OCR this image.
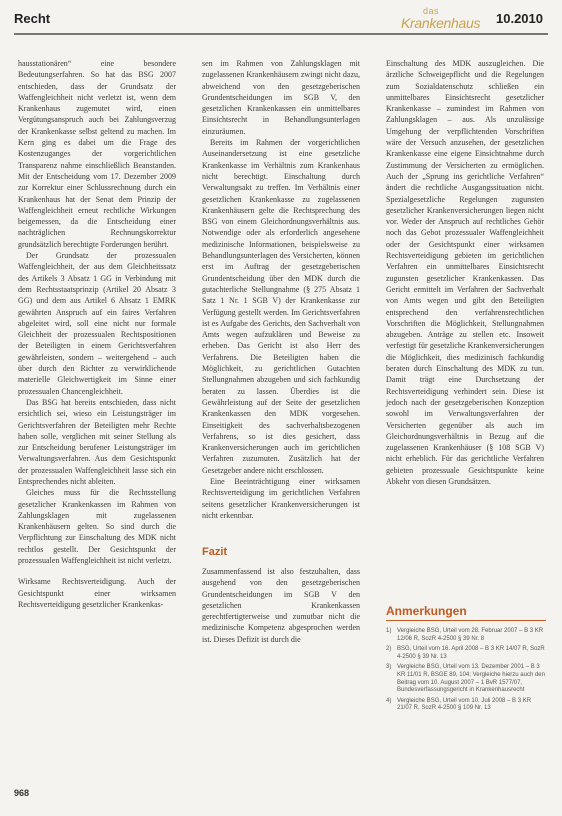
Recht	das
Krankenhaus 10.2010

hausstationären“ eine besondere Bedeutungserfahren. So hat das BSG 2007 entschieden, dass der Grundsatz der Waffengleichheit nicht verletzt ist, wenn dem Krankenhaus zugemutet wird, einen Vergütungsanspruch auch bei Zahlungsverzug der Krankenkasse selbst geltend zu machen. Im Kern ging es dabei um die Frage des Kostenzuganges der vorgerichtlichen Transparenz nahme einschließlich Beanstanden. Mit der Entscheidung vom 17. Dezember 2009 zur Korrektur einer Schlussrechnung durch ein Krankenhaus hat der Senat dem Prinzip der Waffengleichheit erneut rechtliche Wirkungen beigemessen, da die Entscheidung einer nachträglichen Rechnungskorrektur grundsätzlich berechtigte Forderungen berührt.

Der Grundsatz der prozessualen Waffengleichheit, der aus dem Gleichheitssatz des Artikels 3 Absatz 1 GG in Verbindung mit dem Rechtsstaatsprinzip (Artikel 20 Absatz 3 GG) und dem aus Artikel 6 Absatz 1 EMRK gewährten Anspruch auf ein faires Verfahren abgeleitet wird, soll eine nicht nur formale Gleichheit der prozessualen Rechtspositionen der Beteiligten in einem Gerichtsverfahren gewährleisten, sondern – weitergehend – auch über durch den Richter zu verwirklichende materielle Gleichwertigkeit im Sinne einer prozessualen Chancengleichheit.

Das BSG hat bereits entschieden, dass nicht ersichtlich sei, wieso ein Leistungsträger im Gerichtsverfahren der Beteiligten mehr Rechte haben solle, verglichen mit seiner Stellung als zur Entscheidung berufener Leistungsträger im Verwaltungsverfahren. Aus dem Gesichtspunkt der prozessualen Waffengleichheit lasse sich ein Entsprechendes nicht ableiten.

Gleiches muss für die Rechtsstellung gesetzlicher Krankenkassen im Rahmen von Zahlungsklagen mit zugelassenen Krankenhäusern gelten. So sind durch die Verpflichtung zur Einschaltung des MDK nicht rechtlos gestellt. Der Gesichtspunkt der prozessualen Waffengleichheit ist nicht verletzt.

Wirksame Rechtsverteidigung. Auch der Gesichtspunkt einer wirksamen Rechtsverteidigung gesetzlicher Krankenkas-

sen im Rahmen von Zahlungsklagen mit zugelassenen Krankenhäusern zwingt nicht dazu, abweichend von den gesetzgeberischen Grundentscheidungen im SGB V, den gesetzlichen Krankenkassen ein unmittelbares Einsichtsrecht in Behandlungsunterlagen einzuräumen.

Bereits im Rahmen der vorgerichtlichen Auseinandersetzung ist eine gesetzliche Krankenkasse im Verhältnis zum Krankenhaus nicht berechtigt. Einschaltung durch Verwaltungsakt zu treffen. Im Verhältnis einer gesetzlichen Krankenkasse zu zugelassenen Krankenhäusern gelte die Rechtsprechung des BSG von einem Gleichordnungsverhältnis aus. Notwendige oder als erforderlich angesehene medizinische Informationen, beispielsweise zu Behandlungsunterlagen des Versicherten, können erst im Auftrag der gesetzgeberischen Grundentscheidung über den MDK durch die gutachterliche Stellungnahme (§ 275 Absatz 1 Satz 1 Nr. 1 SGB V) der Krankenkasse zur Verfügung gestellt werden. Im Gerichtsverfahren ist es Aufgabe des Gerichts, den Sachverhalt von Amts wegen aufzuklären und Beweise zu erheben. Das Gericht ist also Herr des Verfahrens. Die Beteiligten haben die Möglichkeit, zu gerichtlichen Gutachten Stellungnahmen abzugeben und sich fachkundig beraten zu lassen. Überdies ist die Gewährleistung auf der Seite der gesetzlichen Krankenkassen den MDK vorgesehen. Einseitigkeit des sachverhaltsbezogenen Verfahrens, so ist dies gesichert, dass Krankenversicherungen auch im gerichtlichen Verfahren zuzumuten. Zusätzlich hat der Gesetzgeber andere nicht erschlossen.

Eine Beeinträchtigung einer wirksamen Rechtsverteidigung im gerichtlichen Verfahren seitens gesetzlicher Krankenversicherungen ist nicht erkennbar.

Fazit

Zusammenfassend ist also festzuhalten, dass ausgehend von den gesetzgeberischen Grundentscheidungen im SGB V den gesetzlichen Krankenkassen gerechtfertigterweise und zumutbar nicht die medizinische Kompetenz abgesprochen werden ist. Dieses Defizit ist durch die

Einschaltung des MDK auszugleichen. Die ärztliche Schweigepflicht und die Regelungen zum Sozialdatenschutz schließen ein unmittelbares Einsichtsrecht gesetzlicher Krankenkasse – zumindest im Rahmen von Zahlungsklagen – aus. Als unzulässige Umgehung der verpflichtenden Vorschriften wäre der Versuch anzusehen, der gesetzlichen Krankenkasse eine eigene Einsichtnahme durch Zustimmung der Versicherten zu ermöglichen. Auch der „Sprung ins gerichtliche Verfahren“ ändert die rechtliche Ausgangssituation nicht. Spezialgesetzliche Regelungen zugunsten gesetzlicher Krankenversicherungen liegen nicht vor. Weder der Anspruch auf rechtliches Gehör noch das Gebot prozessualer Waffengleichheit oder der Gesichtspunkt einer wirksamen Rechtsverteidigung gebieten im gerichtlichen Verfahren ein unmittelbares Einsichtsrecht zugunsten gesetzlicher Krankenkassen. Das Gericht ermittelt im Verfahren der Sachverhalt von Amts wegen und gibt den Beteiligten entsprechend den verfahrensrechtlichen Vorschriften die Möglichkeit, Stellungnahmen abzugeben. Anträge zu stellen etc. Insoweit verfestigt für gesetzliche Krankenversicherungen die Möglichkeit, dies medizinisch fachkundig beraten durch Einschaltung des MDK zu tun. Damit trägt eine Durchsetzung der Rechtsverteidigung verhindert sein. Diese ist jedoch nach der gesetzgeberischen Konzeption sowohl im Verwaltungsverfahren der Versicherten gegenüber als auch im Gleichordnungsverhältnis in Bezug auf die zugelassenen Krankenhäuser (§ 108 SGB V) nicht erheblich. Für das gerichtliche Verfahren gebieten prozessuale Gesichtspunkte keine Abkehr von diesen Grundsätzen.

Anmerkungen
1) Vergleiche BSG, Urteil vom 28. Februar 2007 – B 3 KR 12/06 R, SozR 4-2500 § 39 Nr. 8
2) BSG, Urteil vom 16. April 2008 – B 3 KR 14/07 R, SozR 4-2500 § 39 Nr. 13
3) Vergleiche BSG, Urteil vom 13. Dezember 2001 – B 3 KR 11/01 R, BSGE 89, 104; Vergleiche hierzu auch den Beitrag vom 10. August 2007 – 1 BvR 1577/07, Bundesverfassungsgericht in Krankenhausrecht
4) Vergleiche BSG, Urteil vom 10. Juli 2008 – B 3 KR 21/07 R, SozR 4-2500 § 109 Nr. 13
968
